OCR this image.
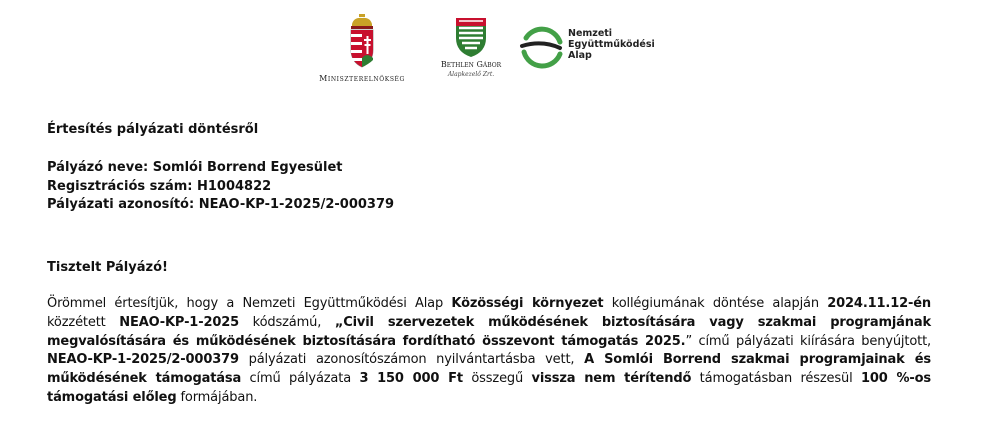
Miniszterelnökség
Bethlen Gábor
Alapkezelő Zrt.
Nemzeti
Együttműködési
Alap
Értesítés pályázati döntésről
Pályázó neve: Somlói Borrend Egyesület
Regisztrációs szám: H1004822
Pályázati azonosító: NEAO-KP-1-2025/2-000379
Tisztelt Pályázó!
Örömmel értesítjük, hogy a Nemzeti Együttműködési Alap Közösségi környezet kollégiumának döntése alapján 2024.11.12-én közzétett NEAO-KP-1-2025 kódszámú, „Civil szervezetek működésének biztosítására vagy szakmai programjának megvalósítására és működésének biztosítására fordítható összevont támogatás 2025.” című pályázati kiírására benyújtott, NEAO-KP-1-2025/2-000379 pályázati azonosítószámon nyilvántartásba vett, A Somlói Borrend szakmai programjainak és működésének támogatása című pályázata 3 150 000 Ft összegű vissza nem térítendő támogatásban részesül 100 %-os támogatási előleg formájában.
